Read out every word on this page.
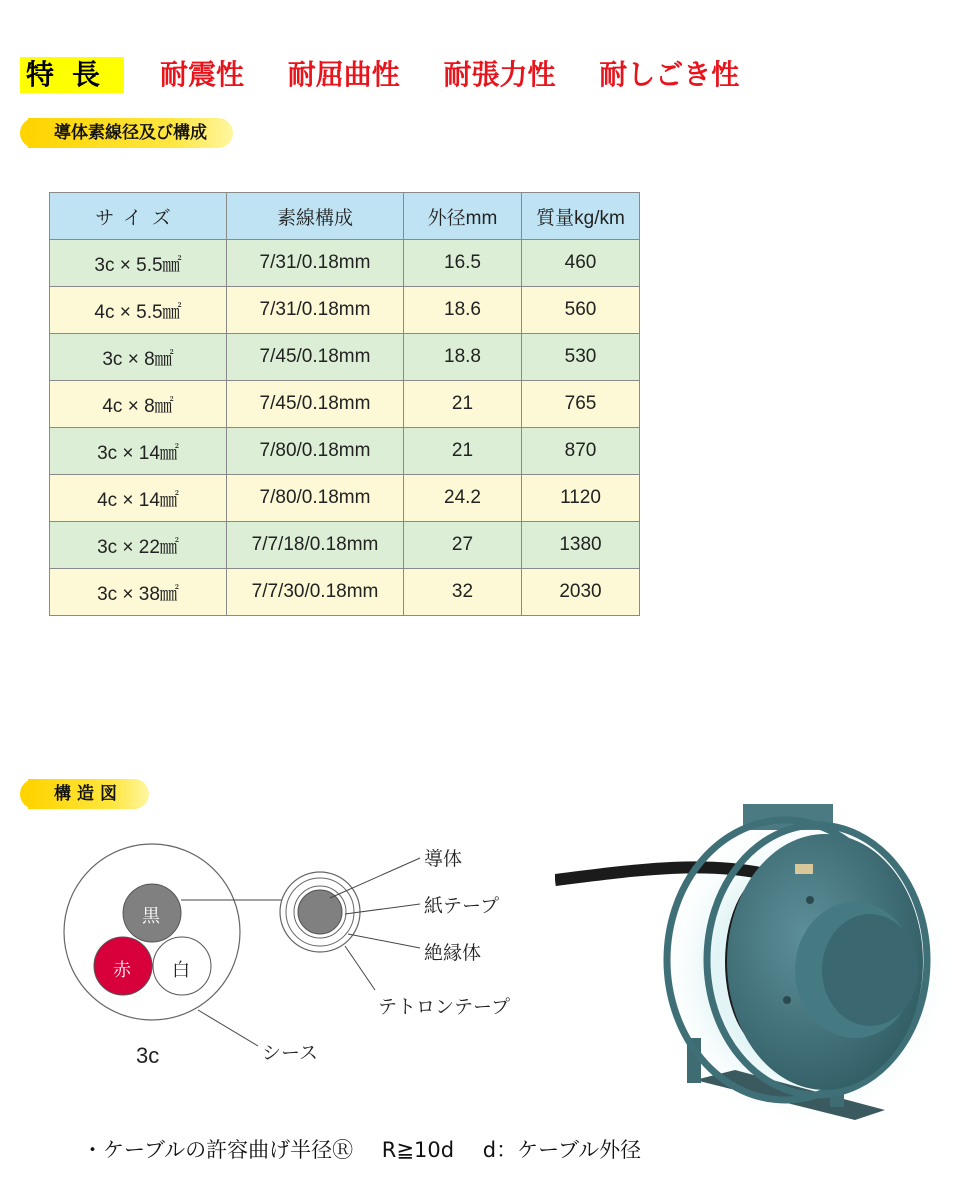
特長 耐震性 耐屈曲性 耐張力性 耐しごき性
導体素線径及び構成
サイズ	素線構成	外径mm	質量kg/km
3c × 5.5㎟	7/31/0.18mm	16.5	460
4c × 5.5㎟	7/31/0.18mm	18.6	560
3c × 8㎟	7/45/0.18mm	18.8	530
4c × 8㎟	7/45/0.18mm	21	765
3c × 14㎟	7/80/0.18mm	21	870
4c × 14㎟	7/80/0.18mm	24.2	1120
3c × 22㎟	7/7/18/0.18mm	27	1380
3c × 38㎟	7/7/30/0.18mm	32	2030
構造図
黒
赤 白
シース
3c
導体
紙テープ
絶縁体
テトロンテープ
・ケーブルの許容曲げ半径Ⓡ R≧10d d：ケーブル外径
